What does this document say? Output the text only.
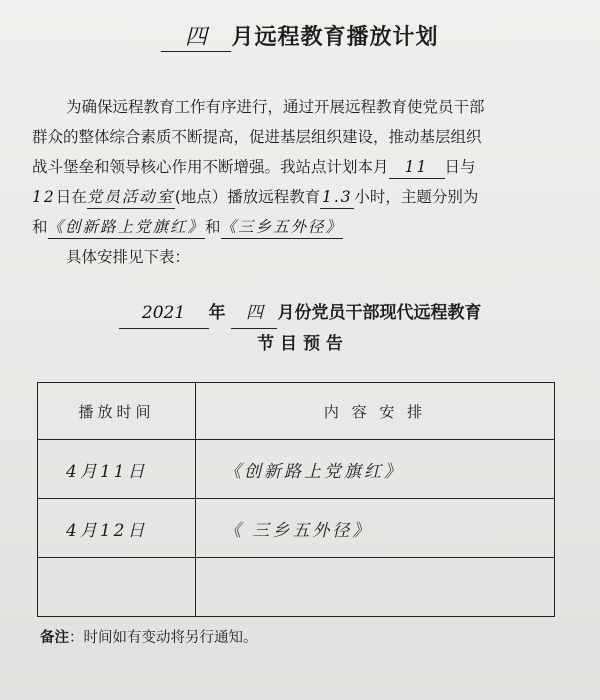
四 月远程教育播放计划
为确保远程教育工作有序进行，通过开展远程教育使党员干部
群众的整体综合素质不断提高，促进基层组织建设，推动基层组织
战斗堡垒和领导核心作用不断增强。我站点计划本月 11 日与
12日在党员活动室(地点）播放远程教育 1.3 小时，主题分别为
和《创新路上党旗红》和《三乡五外径》
具体安排见下表：
2021 年 四 月份党员干部现代远程教育
节 目 预 告
播放时间	内 容 安 排
4月11日	《创新路上党旗红》
4月12日	《 三乡五外径》

备注：时间如有变动将另行通知。
